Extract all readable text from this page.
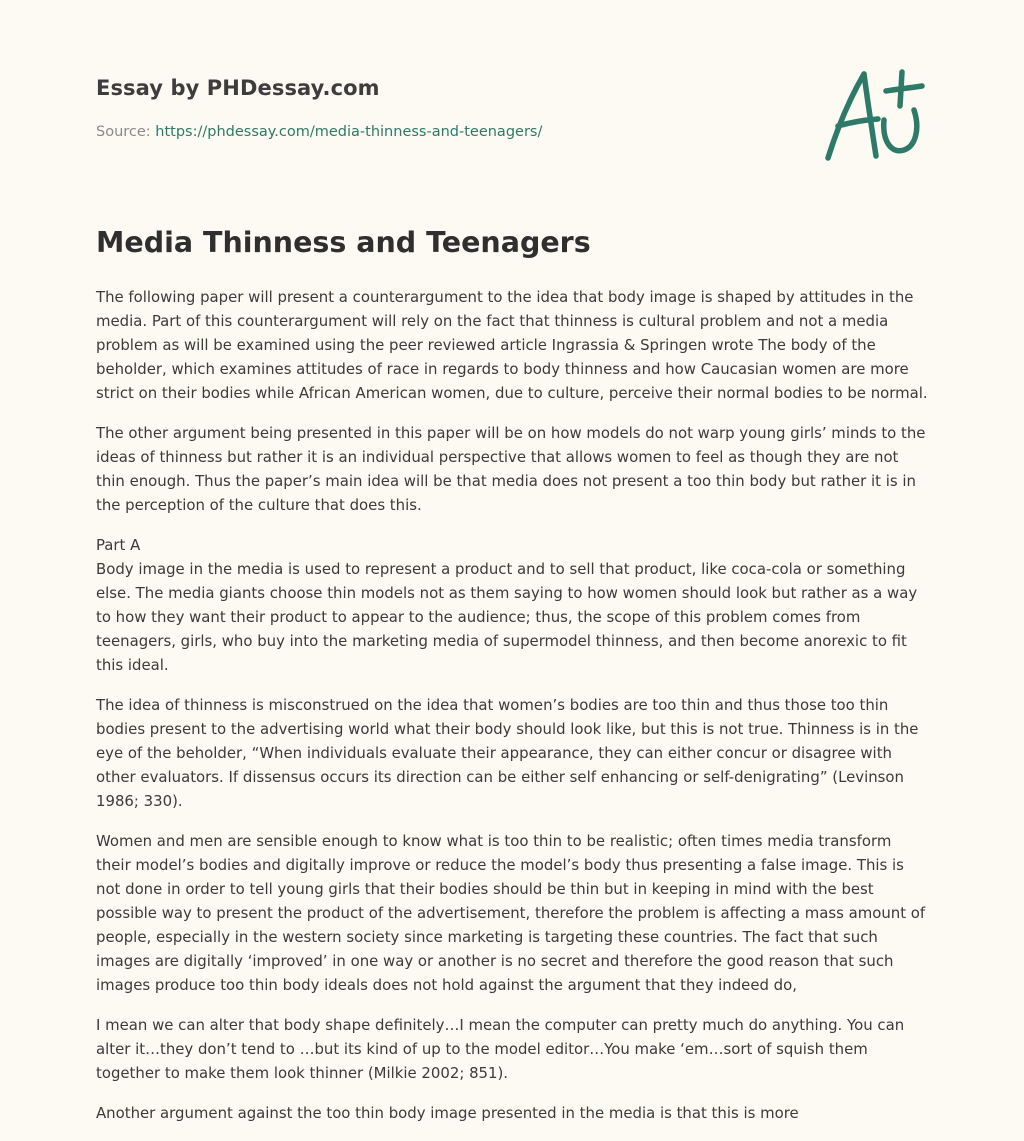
Essay by PHDessay.com
Source: https://phdessay.com/media-thinness-and-teenagers/
Media Thinness and Teenagers

The following paper will present a counterargument to the idea that body image is shaped by attitudes in the media. Part of this counterargument will rely on the fact that thinness is cultural problem and not a media problem as will be examined using the peer reviewed article Ingrassia & Springen wrote The body of the beholder, which examines attitudes of race in regards to body thinness and how Caucasian women are more strict on their bodies while African American women, due to culture, perceive their normal bodies to be normal.

The other argument being presented in this paper will be on how models do not warp young girls’ minds to the ideas of thinness but rather it is an individual perspective that allows women to feel as though they are not thin enough. Thus the paper’s main idea will be that media does not present a too thin body but rather it is in the perception of the culture that does this.

Part A
Body image in the media is used to represent a product and to sell that product, like coca-cola or something else. The media giants choose thin models not as them saying to how women should look but rather as a way to how they want their product to appear to the audience; thus, the scope of this problem comes from teenagers, girls, who buy into the marketing media of supermodel thinness, and then become anorexic to fit this ideal.

The idea of thinness is misconstrued on the idea that women’s bodies are too thin and thus those too thin bodies present to the advertising world what their body should look like, but this is not true. Thinness is in the eye of the beholder, “When individuals evaluate their appearance, they can either concur or disagree with other evaluators. If dissensus occurs its direction can be either self enhancing or self-denigrating” (Levinson 1986; 330).

Women and men are sensible enough to know what is too thin to be realistic; often times media transform their model’s bodies and digitally improve or reduce the model’s body thus presenting a false image. This is not done in order to tell young girls that their bodies should be thin but in keeping in mind with the best possible way to present the product of the advertisement, therefore the problem is affecting a mass amount of people, especially in the western society since marketing is targeting these countries. The fact that such images are digitally ‘improved’ in one way or another is no secret and therefore the good reason that such images produce too thin body ideals does not hold against the argument that they indeed do,

I mean we can alter that body shape definitely…I mean the computer can pretty much do anything. You can alter it…they don’t tend to …but its kind of up to the model editor…You make ‘em…sort of squish them together to make them look thinner (Milkie 2002; 851).

Another argument against the too thin body image presented in the media is that this is more
